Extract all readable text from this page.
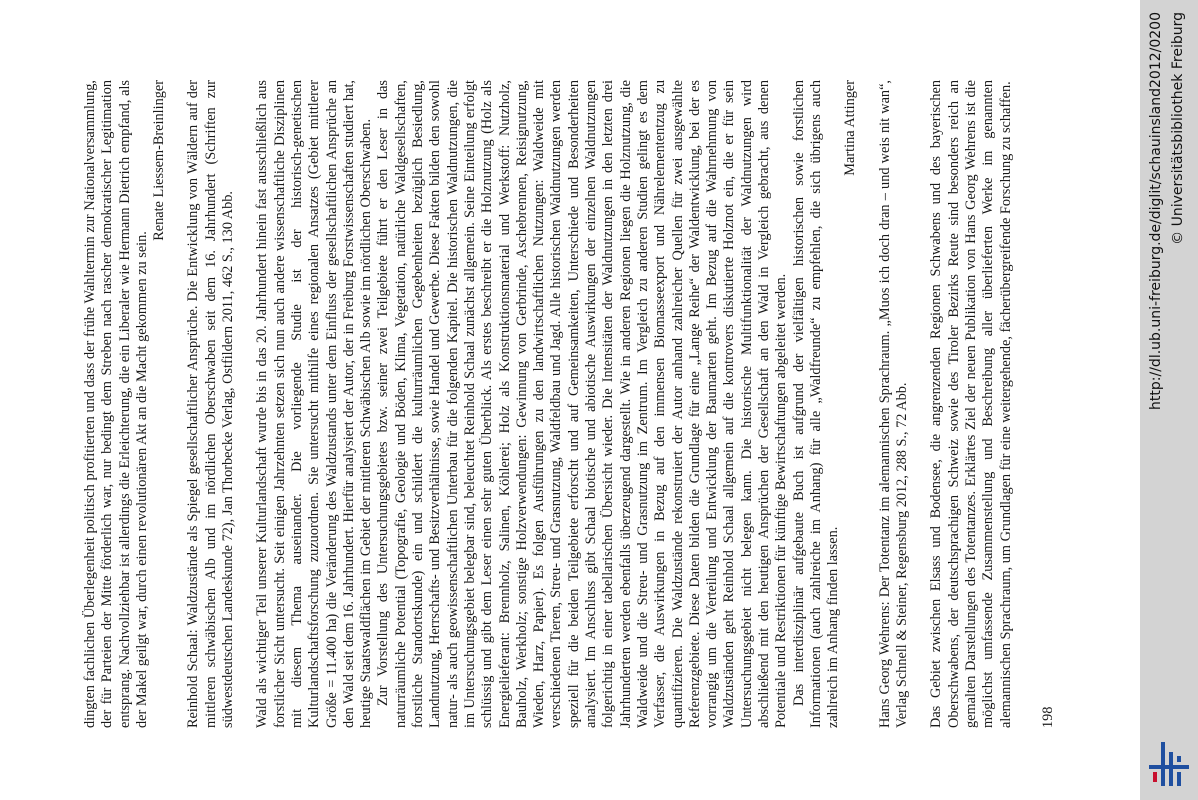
dingten fachlichen Überlegenheit politisch profitierten und dass der frühe Wahltermin zur Nationalversammlung, der für Parteien der Mitte förderlich war, nur bedingt dem Streben nach rascher demokratischer Legitimation entsprang. Nachvollziehbar ist allerdings die Erleichterung, die ein Liberaler wie Hermann Dietrich empfand, als der Makel geilgt war, durch einen revolutionären Akt an die Macht gekommen zu sein.

Renate Liessem-Breinlinger Reinhold Schaal: Waldzustände als Spiegel gesellschaftlicher Ansprüche. Die Entwicklung von Wäldern auf der mittleren schwäbischen Alb und im nördlichen Oberschwaben seit dem 16. Jahrhundert (Schriften zur südwestdeutschen Landeskunde 72), Jan Thorbecke Verlag, Ostfildern 2011, 462 S., 130 Abb. Wald als wichtiger Teil unserer Kulturlandschaft wurde bis in das 20. Jahrhundert hinein fast ausschließlich aus forstlicher Sicht untersucht. Seit einigen Jahrzehnten setzen sich nun auch andere wissenschaftliche Disziplinen mit diesem Thema auseinander. Die vorliegende Studie ist der historisch-genetischen Kulturlandschaftsforschung zuzuordnen. Sie untersucht mithilfe eines regionalen Ansatzes (Gebiet mittlerer Größe = 11.400 ha) die Veränderung des Waldzustands unter dem Einfluss der gesellschaftlichen Ansprüche an den Wald seit dem 16. Jahrhundert. Hierfür analysiert der Autor, der in Freiburg Forstwissenschaften studiert hat, heutige Staatswaldflächen im Gebiet der mittleren Schwäbischen Alb sowie im nördlichen Oberschwaben. Zur Vorstellung des Untersuchungsgebietes bzw. seiner zwei Teilgebiete führt er den Leser in das naturräumliche Potential (Topografie, Geologie und Böden, Klima, Vegetation, natürliche Waldgesellschaften, forstliche Standortskunde) ein und schildert die kulturräumlichen Gegebenheiten bezüglich Besiedlung, Landnutzung, Herrschafts- und Besitzverhältnisse, sowie Handel und Gewerbe. Diese Fakten bilden den sowohl natur- als auch geowissenschaftlichen Unterbau für die folgenden Kapitel. Die historischen Waldnutzungen, die im Untersuchungsgebiet belegbar sind, beleuchtet Reinhold Schaal zunächst allgemein. Seine Einteilung erfolgt schlüssig und gibt dem Leser einen sehr guten Überblick. Als erstes beschreibt er die Holznutzung (Holz als Energielieferant: Brennholz, Salinen, Köhlerei; Holz als Konstruktionsmaterial und Werkstoff: Nutzholz, Bauholz, Werkholz; sonstige Holzverwendungen: Gewinnung von Gerbrinde, Aschebrennen, Reisignutzung, Wieden, Harz, Papier). Es folgen Ausführungen zu den landwirtschaftlichen Nutzungen: Waldweide mit verschiedenen Tieren, Streu- und Grasnutzung, Waldfeldbau und Jagd. Alle historischen Waldnutzungen werden speziell für die beiden Teilgebiete erforscht und auf Gemeinsamkeiten, Unterschiede und Besonderheiten analysiert. Im Anschluss gibt Schaal biotische und abiotische Auswirkungen der einzelnen Waldnutzungen folgerichtig in einer tabellarischen Übersicht wieder. Die Intensitäten der Waldnutzungen in den letzten drei Jahrhunderten werden ebenfalls überzeugend dargestellt. Wie in anderen Regionen liegen die Holznutzung, die Waldweide und die Streu- und Grasnutzung im Zentrum. Im Vergleich zu anderen Studien gelingt es dem Verfasser, die Auswirkungen in Bezug auf den immensen Biomasseexport und Nährelemententzug zu quantifizieren. Die Waldzustände rekonstruiert der Autor anhand zahlreicher Quellen für zwei ausgewählte Referenzgebiete. Diese Daten bilden die Grundlage für eine „Lange Reihe“ der Waldentwicklung, bei der es vorrangig um die Verteilung und Entwicklung der Baumarten geht. Im Bezug auf die Wahrnehmung von Waldzuständen geht Reinhold Schaal allgemein auf die kontrovers diskutierte Holznot ein, die er für sein Untersuchungsgebiet nicht belegen kann. Die historische Multifunktionalität der Waldnutzungen wird abschließend mit den heutigen Ansprüchen der Gesellschaft an den Wald in Vergleich gebracht, aus denen Potentiale und Restriktionen für künftige Bewirtschaftungen abgeleitet werden. Das interdisziplinär aufgebaute Buch ist aufgrund der vielfältigen historischen sowie forstlichen Informationen (auch zahlreiche im Anhang) für alle „Waldfreunde“ zu empfehlen, die sich übrigens auch zahlreich im Anhang finden lassen.

Martina Attinger Hans Georg Wehrens: Der Totentanz im alemannischen Sprachraum. „Muos ich doch dran – und weis nit wan“, Verlag Schnell & Steiner, Regensburg 2012, 288 S., 72 Abb. Das Gebiet zwischen Elsass und Bodensee, die angrenzenden Regionen Schwabens und des bayerischen Oberschwabens, der deutschsprachigen Schweiz sowie des Tiroler Bezirks Reute sind besonders reich an gemalten Darstellungen des Totentanzes. Erklärtes Ziel der neuen Publikation von Hans Georg Wehrens ist die möglichst umfassende Zusammenstellung und Beschreibung aller überlieferten Werke im genannten alemannischen Sprachraum, um Grundlagen für eine weitergehende, fächerübergreifende Forschung zu schaffen. 198
http://dl.ub.uni-freiburg.de/diglit/schauinsland2012/0200 © Universitätsbibliothek Freiburg
